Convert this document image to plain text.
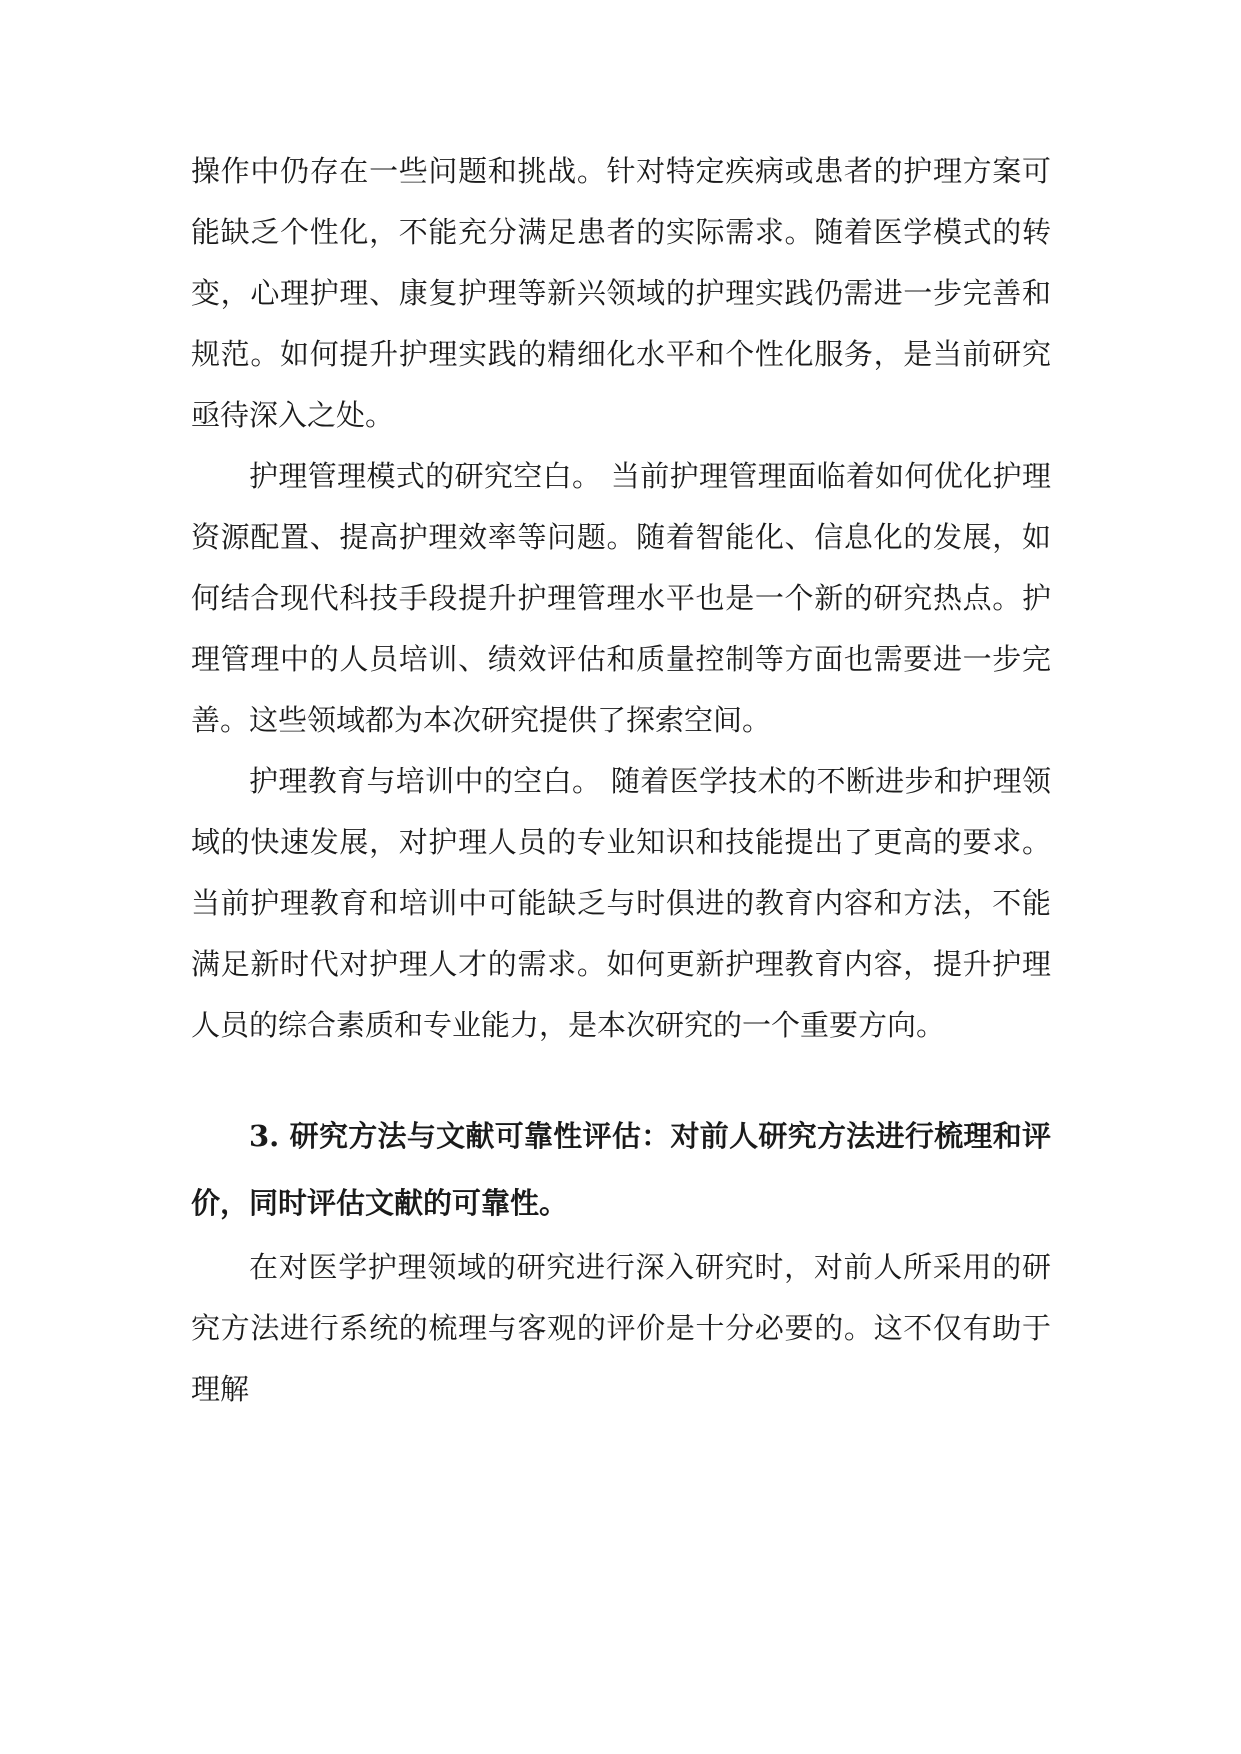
操作中仍存在一些问题和挑战。针对特定疾病或患者的护理方案可能缺乏个性化，不能充分满足患者的实际需求。随着医学模式的转变，心理护理、康复护理等新兴领域的护理实践仍需进一步完善和规范。如何提升护理实践的精细化水平和个性化服务，是当前研究亟待深入之处。

护理管理模式的研究空白。 当前护理管理面临着如何优化护理资源配置、提高护理效率等问题。随着智能化、信息化的发展，如何结合现代科技手段提升护理管理水平也是一个新的研究热点。护理管理中的人员培训、绩效评估和质量控制等方面也需要进一步完善。这些领域都为本次研究提供了探索空间。

护理教育与培训中的空白。 随着医学技术的不断进步和护理领域的快速发展，对护理人员的专业知识和技能提出了更高的要求。当前护理教育和培训中可能缺乏与时俱进的教育内容和方法，不能满足新时代对护理人才的需求。如何更新护理教育内容，提升护理人员的综合素质和专业能力，是本次研究的一个重要方向。

3. 研究方法与文献可靠性评估：对前人研究方法进行梳理和评价，同时评估文献的可靠性。

在对医学护理领域的研究进行深入研究时，对前人所采用的研究方法进行系统的梳理与客观的评价是十分必要的。这不仅有助于理解
